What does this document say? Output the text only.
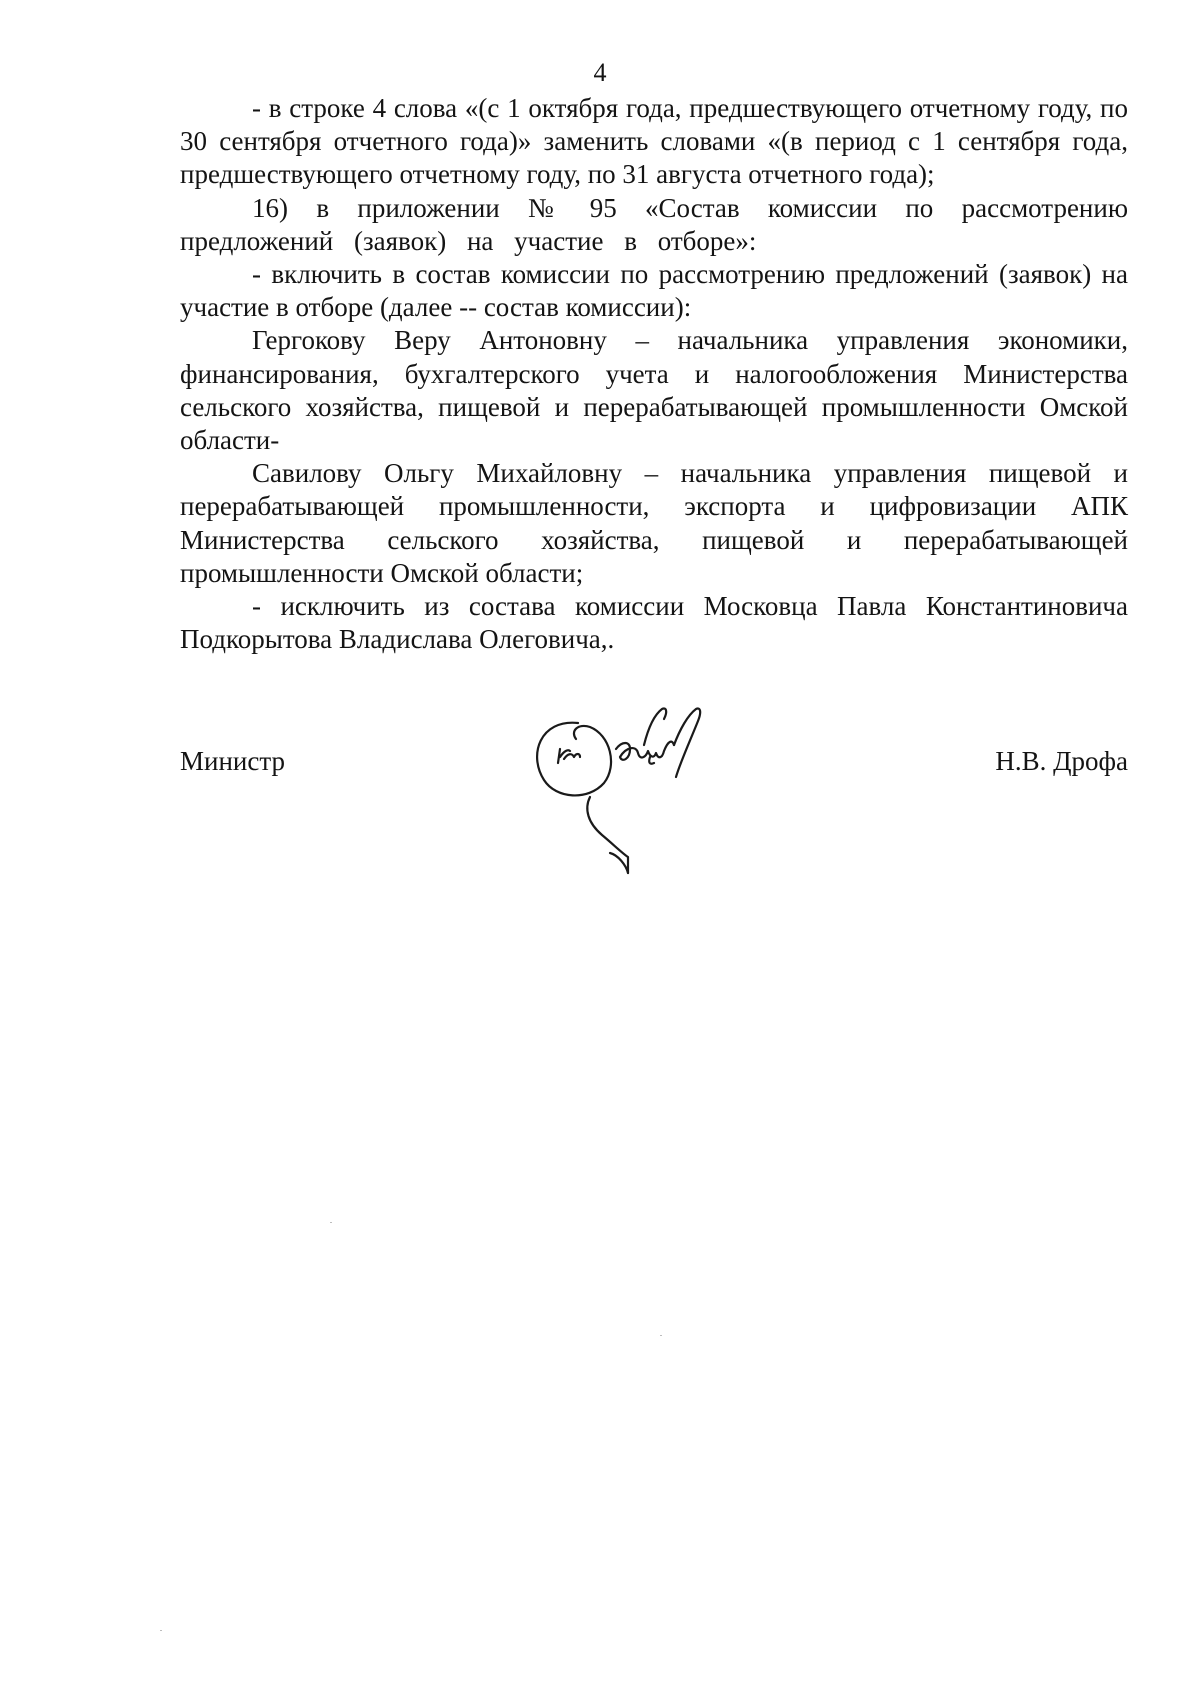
4

- в строке 4 слова «(с 1 октября года, предшествующего отчетному году, по 30 сентября отчетного года)» заменить словами «(в период с 1 сентября года, предшествующего отчетному году, по 31 августа отчетного года);

16) в приложении № 95 «Состав комиссии по рассмотрению предложений (заявок) на участие в отборе»:

- включить в состав комиссии по рассмотрению предложений (заявок) на участие в отборе (далее -- состав комиссии):

Гергокову Веру Антоновну – начальника управления экономики, финансирования, бухгалтерского учета и налогообложения Министерства сельского хозяйства, пищевой и перерабатывающей промышленности Омской области-

Савилову Ольгу Михайловну – начальника управления пищевой и перерабатывающей промышленности, экспорта и цифровизации АПК Министерства сельского хозяйства, пищевой и перерабатывающей промышленности Омской области;

- исключить из состава комиссии Московца Павла Константиновича Подкорытова Владислава Олеговича,.

Министр	Н.В. Дрофа
